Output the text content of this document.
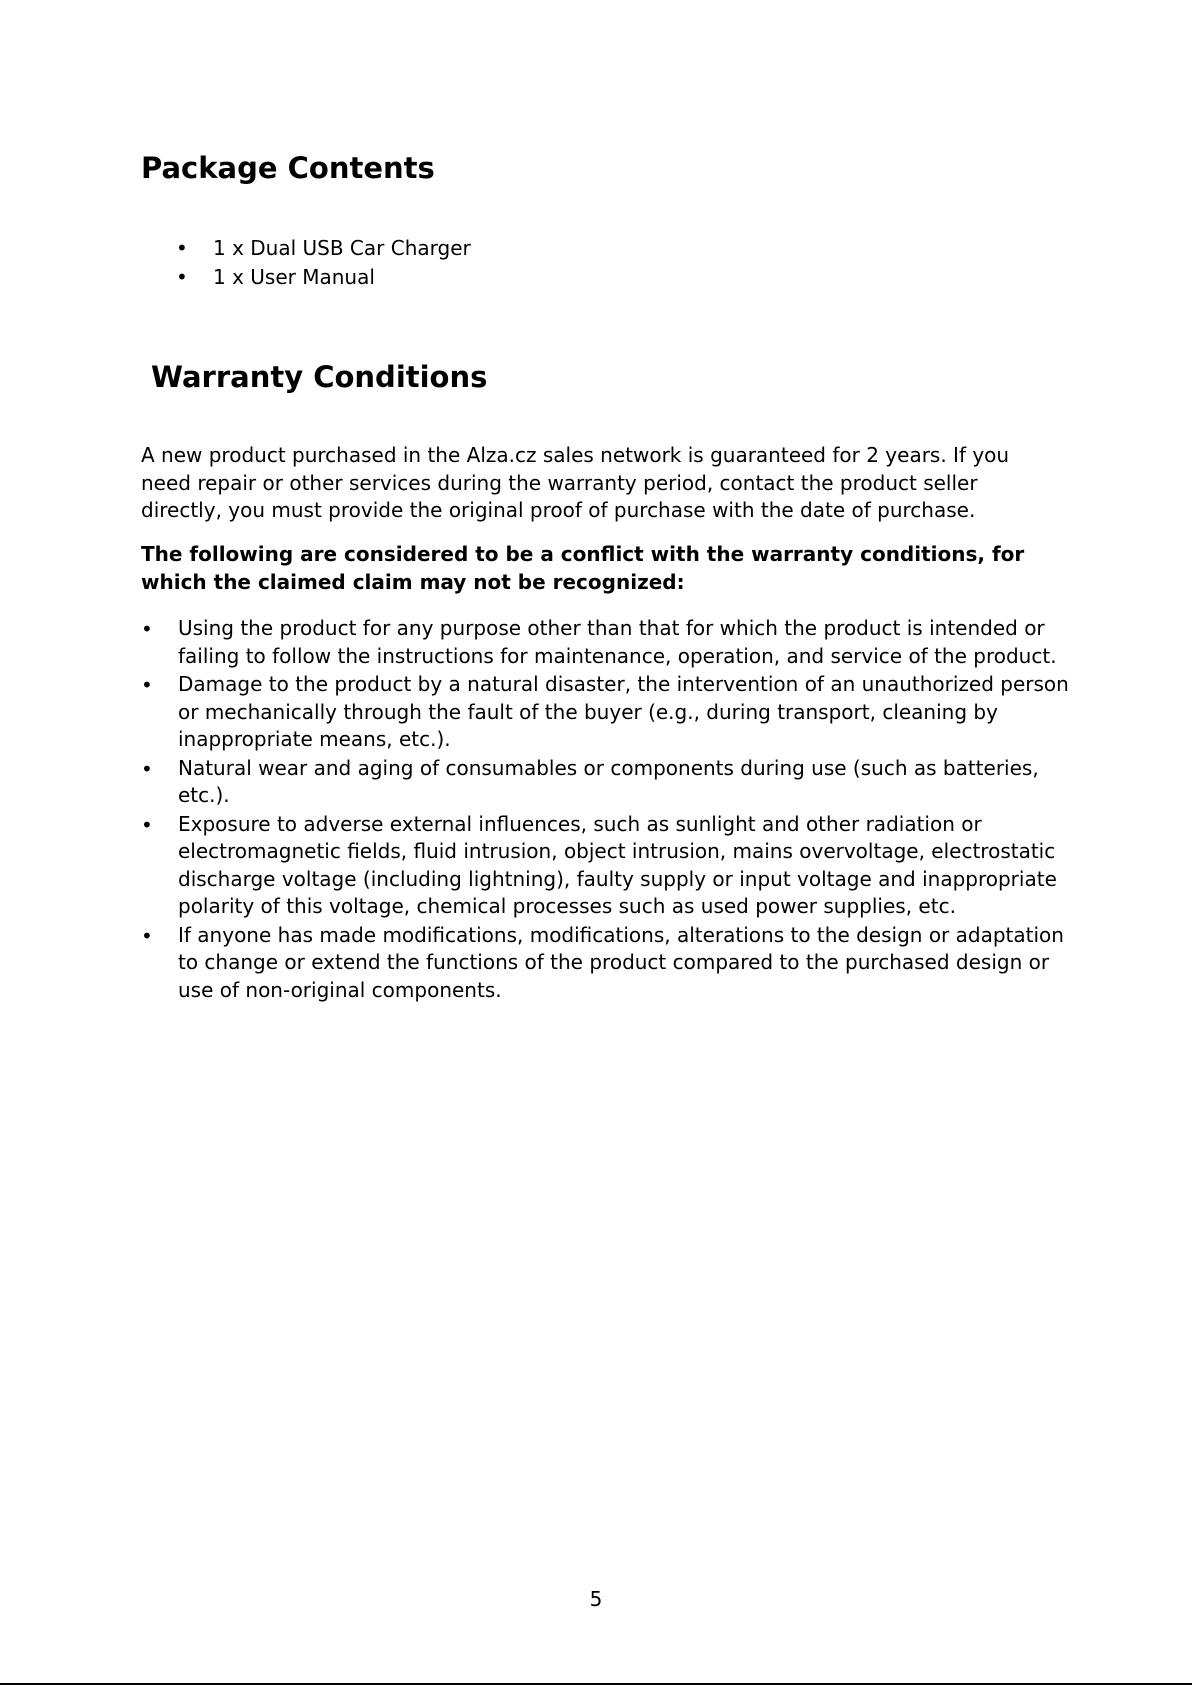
Package Contents
• 1 x Dual USB Car Charger
• 1 x User Manual
Warranty Conditions

A new product purchased in the Alza.cz sales network is guaranteed for 2 years. If you need repair or other services during the warranty period, contact the product seller directly, you must provide the original proof of purchase with the date of purchase.

The following are considered to be a conflict with the warranty conditions, for which the claimed claim may not be recognized:

• Using the product for any purpose other than that for which the product is intended or failing to follow the instructions for maintenance, operation, and service of the product.
• Damage to the product by a natural disaster, the intervention of an unauthorized person or mechanically through the fault of the buyer (e.g., during transport, cleaning by inappropriate means, etc.).
• Natural wear and aging of consumables or components during use (such as batteries, etc.).
• Exposure to adverse external influences, such as sunlight and other radiation or electromagnetic fields, fluid intrusion, object intrusion, mains overvoltage, electrostatic discharge voltage (including lightning), faulty supply or input voltage and inappropriate polarity of this voltage, chemical processes such as used power supplies, etc.
• If anyone has made modifications, modifications, alterations to the design or adaptation to change or extend the functions of the product compared to the purchased design or use of non-original components.
5
